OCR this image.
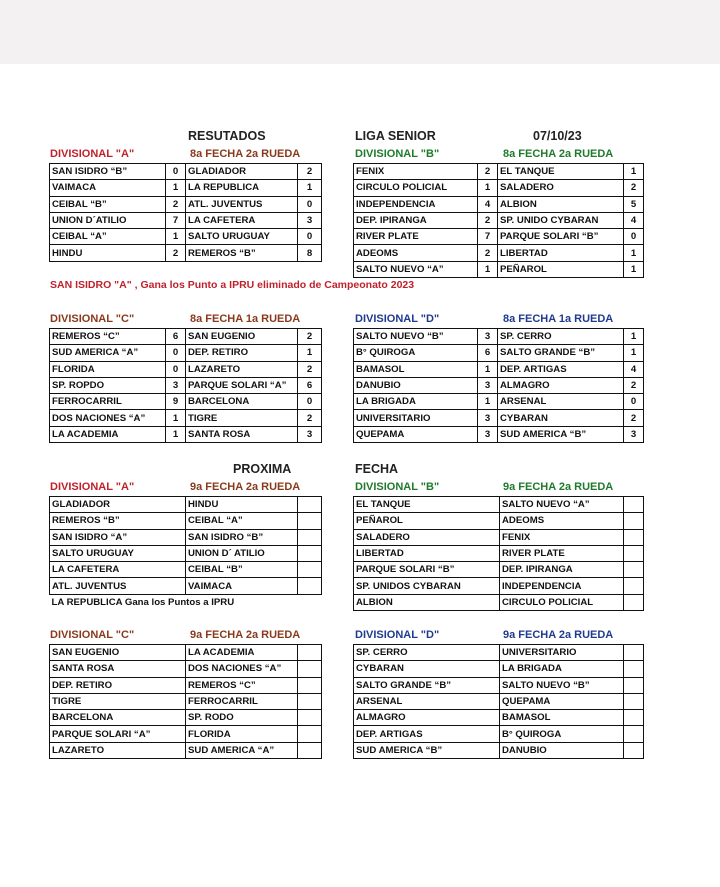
RESUTADOS	LIGA SENIOR	07/10/23
DIVISIONAL "A"	8a FECHA 2a RUEDA	DIVISIONAL "B"	8a FECHA 2a RUEDA
SAN ISIDRO “B”	0	GLADIADOR	2
VAIMACA	1	LA REPUBLICA	1
CEIBAL “B”	2	ATL. JUVENTUS	0
UNION D´ATILIO	7	LA CAFETERA	3
CEIBAL “A”	1	SALTO URUGUAY	0
HINDU	2	REMEROS “B”	8
FENIX	2	EL TANQUE	1
CIRCULO POLICIAL	1	SALADERO	2
INDEPENDENCIA	4	ALBION	5
DEP. IPIRANGA	2	SP. UNIDO CYBARAN	4
RIVER PLATE	7	PARQUE SOLARI “B”	0
ADEOMS	2	LIBERTAD	1
SALTO NUEVO “A”	1	PEÑAROL	1
SAN ISIDRO "A" , Gana los Punto a IPRU eliminado de Campeonato 2023
DIVISIONAL "C"	8a FECHA 1a RUEDA	DIVISIONAL "D"	8a FECHA 1a RUEDA
REMEROS “C”	6	SAN EUGENIO	2
SUD AMERICA “A”	0	DEP. RETIRO	1
FLORIDA	0	LAZARETO	2
SP. ROPDO	3	PARQUE SOLARI “A”	6
FERROCARRIL	9	BARCELONA	0
DOS NACIONES “A”	1	TIGRE	2
LA ACADEMIA	1	SANTA ROSA	3
SALTO NUEVO “B”	3	SP. CERRO	1
B° QUIROGA	6	SALTO GRANDE “B”	1
BAMASOL	1	DEP. ARTIGAS	4
DANUBIO	3	ALMAGRO	2
LA BRIGADA	1	ARSENAL	0
UNIVERSITARIO	3	CYBARAN	2
QUEPAMA	3	SUD AMERICA “B”	3
PROXIMA	FECHA
DIVISIONAL "A"	9a FECHA 2a RUEDA	DIVISIONAL "B"	9a FECHA 2a RUEDA
GLADIADOR	HINDU	
REMEROS “B”	CEIBAL “A”	
SAN ISIDRO “A”	SAN ISIDRO “B”	
SALTO URUGUAY	UNION D´ ATILIO	
LA CAFETERA	CEIBAL “B”	
ATL. JUVENTUS	VAIMACA	
LA REPUBLICA Gana los Puntos a IPRU		
EL TANQUE	SALTO NUEVO “A”	
PEÑAROL	ADEOMS	
SALADERO	FENIX	
LIBERTAD	RIVER PLATE	
PARQUE SOLARI “B”	DEP. IPIRANGA	
SP. UNIDOS CYBARAN	INDEPENDENCIA	
ALBION	CIRCULO POLICIAL	
DIVISIONAL "C"	9a FECHA 2a RUEDA	DIVISIONAL "D"	9a FECHA 2a RUEDA
SAN EUGENIO	LA ACADEMIA	
SANTA ROSA	DOS NACIONES “A”	
DEP. RETIRO	REMEROS “C”	
TIGRE	FERROCARRIL	
BARCELONA	SP. RODO	
PARQUE SOLARI “A”	FLORIDA	
LAZARETO	SUD AMERICA “A”	
SP. CERRO	UNIVERSITARIO	
CYBARAN	LA BRIGADA	
SALTO GRANDE “B”	SALTO NUEVO “B”	
ARSENAL	QUEPAMA	
ALMAGRO	BAMASOL	
DEP. ARTIGAS	B° QUIROGA	
SUD AMERICA “B”	DANUBIO	
